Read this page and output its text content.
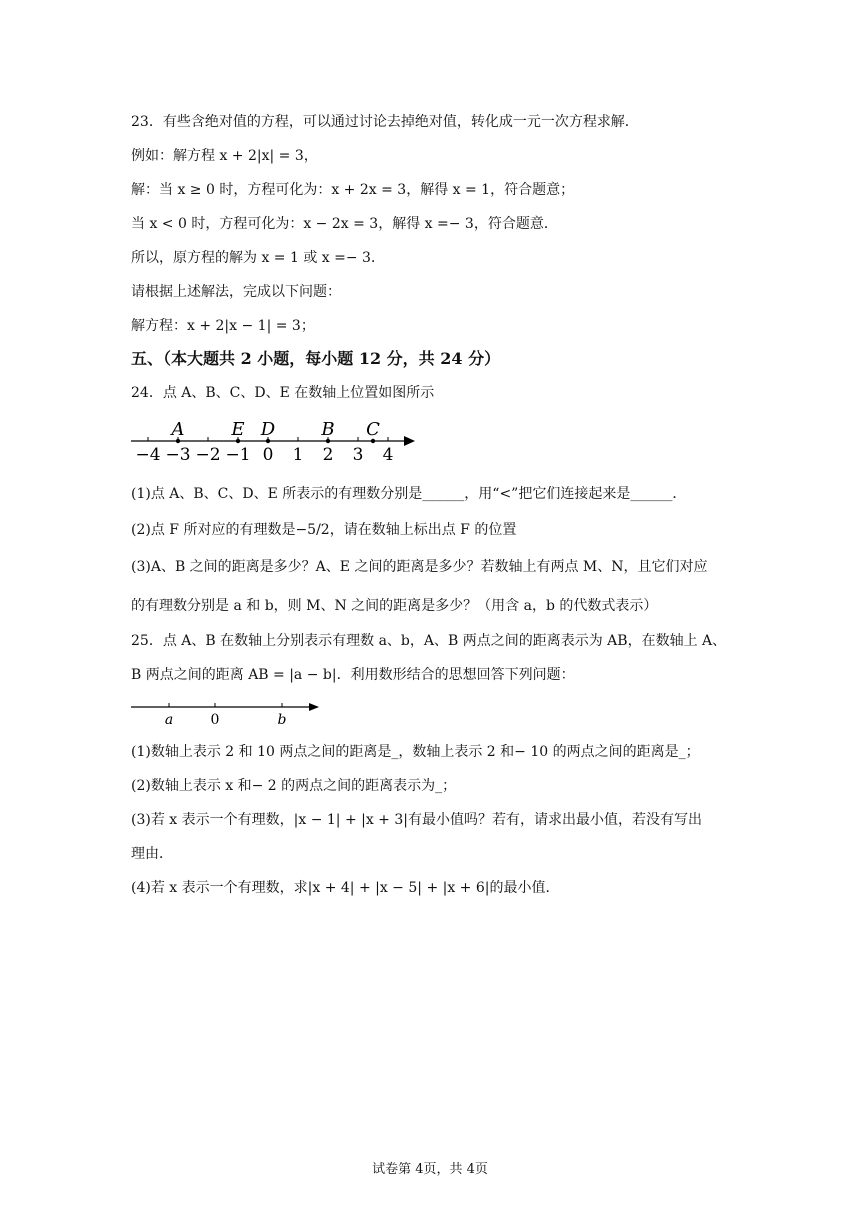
23．有些含绝对值的方程，可以通过讨论去掉绝对值，转化成一元一次方程求解．
例如：解方程 x + 2|x| = 3，
解：当 x ≥ 0 时，方程可化为：x + 2x = 3，解得 x = 1，符合题意；
当 x < 0 时，方程可化为：x − 2x = 3，解得 x =− 3，符合题意．
所以，原方程的解为 x = 1 或 x =− 3．
请根据上述解法，完成以下问题：
解方程：x + 2|x − 1| = 3；
五、（本大题共 2 小题，每小题 12 分，共 24 分）
24．点 A、B、C、D、E 在数轴上位置如图所示
−4 −3 −2 −1 0 1 2 3 4
A	E D	B C
(1)点 A、B、C、D、E 所表示的有理数分别是______，用“<”把它们连接起来是______．
(2)点 F 所对应的有理数是−5/2，请在数轴上标出点 F 的位置
(3)A、B 之间的距离是多少？A、E 之间的距离是多少？若数轴上有两点 M、N，且它们对应
的有理数分别是 a 和 b，则 M、N 之间的距离是多少？（用含 a，b 的代数式表示）
25．点 A、B 在数轴上分别表示有理数 a、b，A、B 两点之间的距离表示为 AB，在数轴上 A、
B 两点之间的距离 AB = |a − b|．利用数形结合的思想回答下列问题：
a	0	b
(1)数轴上表示 2 和 10 两点之间的距离是_，数轴上表示 2 和− 10 的两点之间的距离是_；
(2)数轴上表示 x 和− 2 的两点之间的距离表示为_；
(3)若 x 表示一个有理数，|x − 1| + |x + 3|有最小值吗？若有，请求出最小值，若没有写出
理由．
(4)若 x 表示一个有理数，求|x + 4| + |x − 5| + |x + 6|的最小值．
试卷第 4页，共 4页
